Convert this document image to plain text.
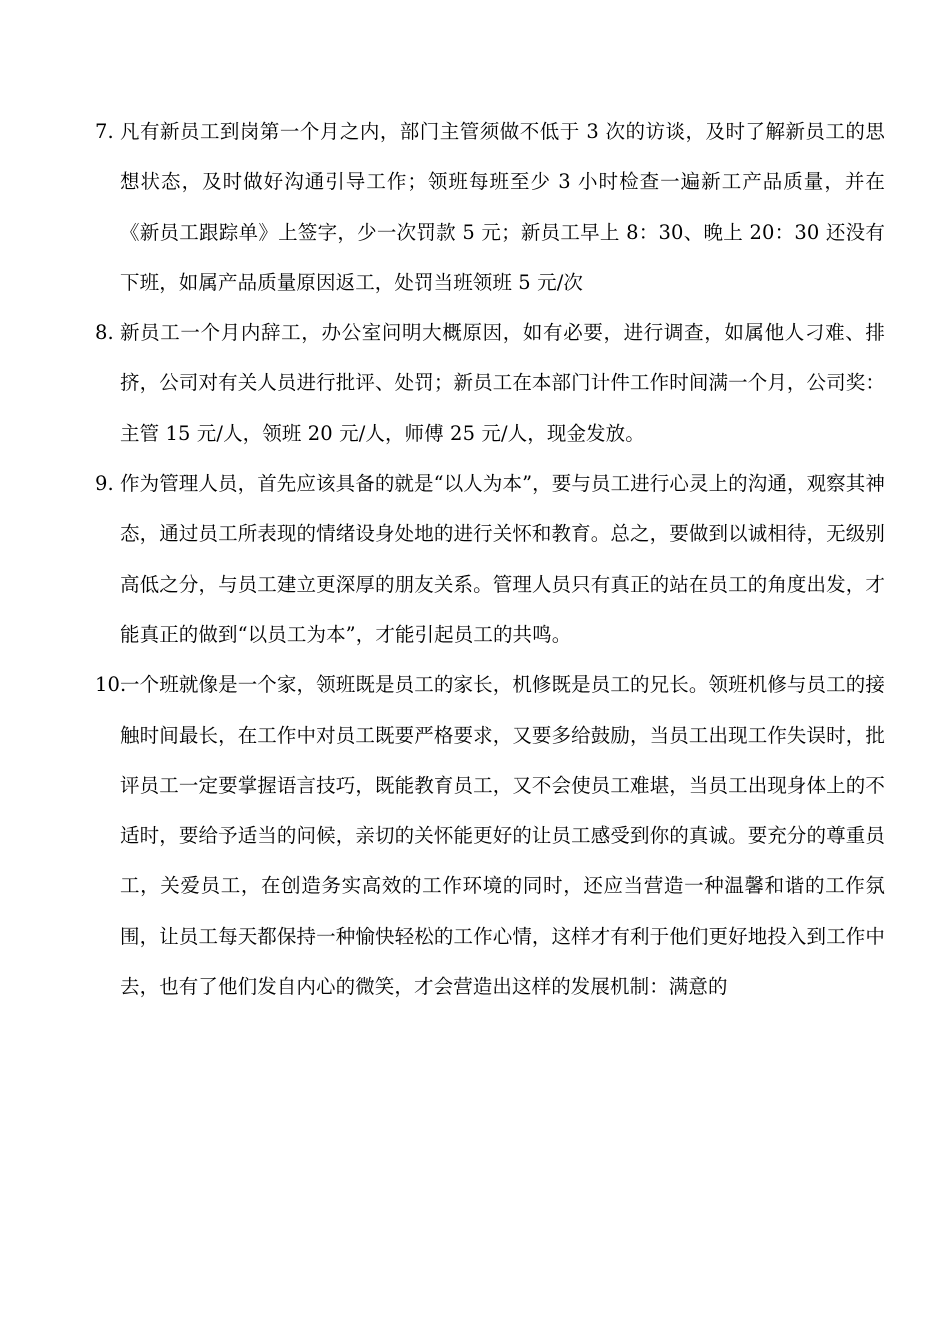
7. 凡有新员工到岗第一个月之内，部门主管须做不低于 3 次的访谈，及时了解新员工的思想状态，及时做好沟通引导工作；领班每班至少 3 小时检查一遍新工产品质量，并在《新员工跟踪单》上签字，少一次罚款 5 元；新员工早上 8：30、晚上 20：30 还没有下班，如属产品质量原因返工，处罚当班领班 5 元/次
8. 新员工一个月内辞工，办公室问明大概原因，如有必要，进行调查，如属他人刁难、排挤，公司对有关人员进行批评、处罚；新员工在本部门计件工作时间满一个月，公司奖：主管 15 元/人，领班 20 元/人，师傅 25 元/人，现金发放。
9. 作为管理人员，首先应该具备的就是“以人为本”，要与员工进行心灵上的沟通，观察其神态，通过员工所表现的情绪设身处地的进行关怀和教育。总之，要做到以诚相待，无级别高低之分，与员工建立更深厚的朋友关系。管理人员只有真正的站在员工的角度出发，才能真正的做到“以员工为本”，才能引起员工的共鸣。
10.
一个班就像是一个家，领班既是员工的家长，机修既是员工的兄长。领班机修与员工的接触时间最长，在工作中对员工既要严格要求，又要多给鼓励，当员工出现工作失误时，批评员工一定要掌握语言技巧，既能教育员工，又不会使员工难堪，当员工出现身体上的不适时，要给予适当的问候，亲切的关怀能更好的让员工感受到你的真诚。要充分的尊重员工，关爱员工，在创造务实高效的工作环境的同时，还应当营造一种温馨和谐的工作氛围，让员工每天都保持一种愉快轻松的工作心情，这样才有利于他们更好地投入到工作中去，也有了他们发自内心的微笑，才会营造出这样的发展机制：满意的
